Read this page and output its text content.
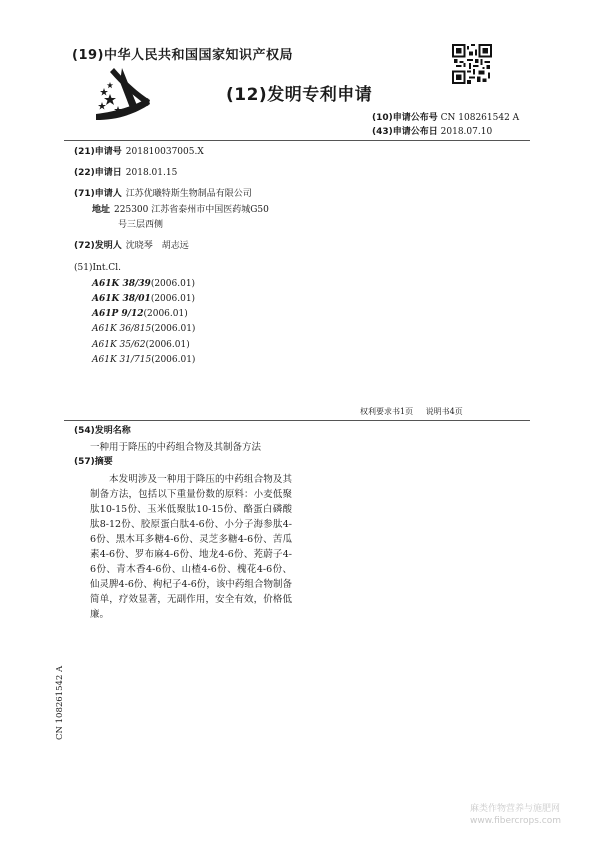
(19)中华人民共和国国家知识产权局
(12)发明专利申请
(10)申请公布号 CN 108261542 A
(43)申请公布日 2018.07.10
(21)申请号 201810037005.X
(22)申请日 2018.01.15
(71)申请人 江苏优曦特斯生物制品有限公司
地址 225300 江苏省泰州市中国医药城G50
号三层西侧
(72)发明人 沈晓琴　胡志远
(51)Int.Cl.
A61K 38/39(2006.01)
A61K 38/01(2006.01)
A61P 9/12(2006.01)
A61K 36/815(2006.01)
A61K 35/62(2006.01)
A61K 31/715(2006.01)
权利要求书1页 说明书4页
(54)发明名称
一种用于降压的中药组合物及其制备方法
(57)摘要
本发明涉及一种用于降压的中药组合物及其制备方法，包括以下重量份数的原料：小麦低聚肽10-15份、玉米低聚肽10-15份、酪蛋白磷酸肽8-12份、胶原蛋白肽4-6份、小分子海参肽4-6份、黑木耳多糖4-6份、灵芝多糖4-6份、苦瓜素4-6份、罗布麻4-6份、地龙4-6份、茺蔚子4-6份、青木香4-6份、山楂4-6份、槐花4-6份、仙灵脾4-6份、枸杞子4-6份，该中药组合物制备简单，疗效显著，无副作用，安全有效，价格低廉。
CN 108261542 A
麻类作物营养与施肥网
www.fibercrops.com
